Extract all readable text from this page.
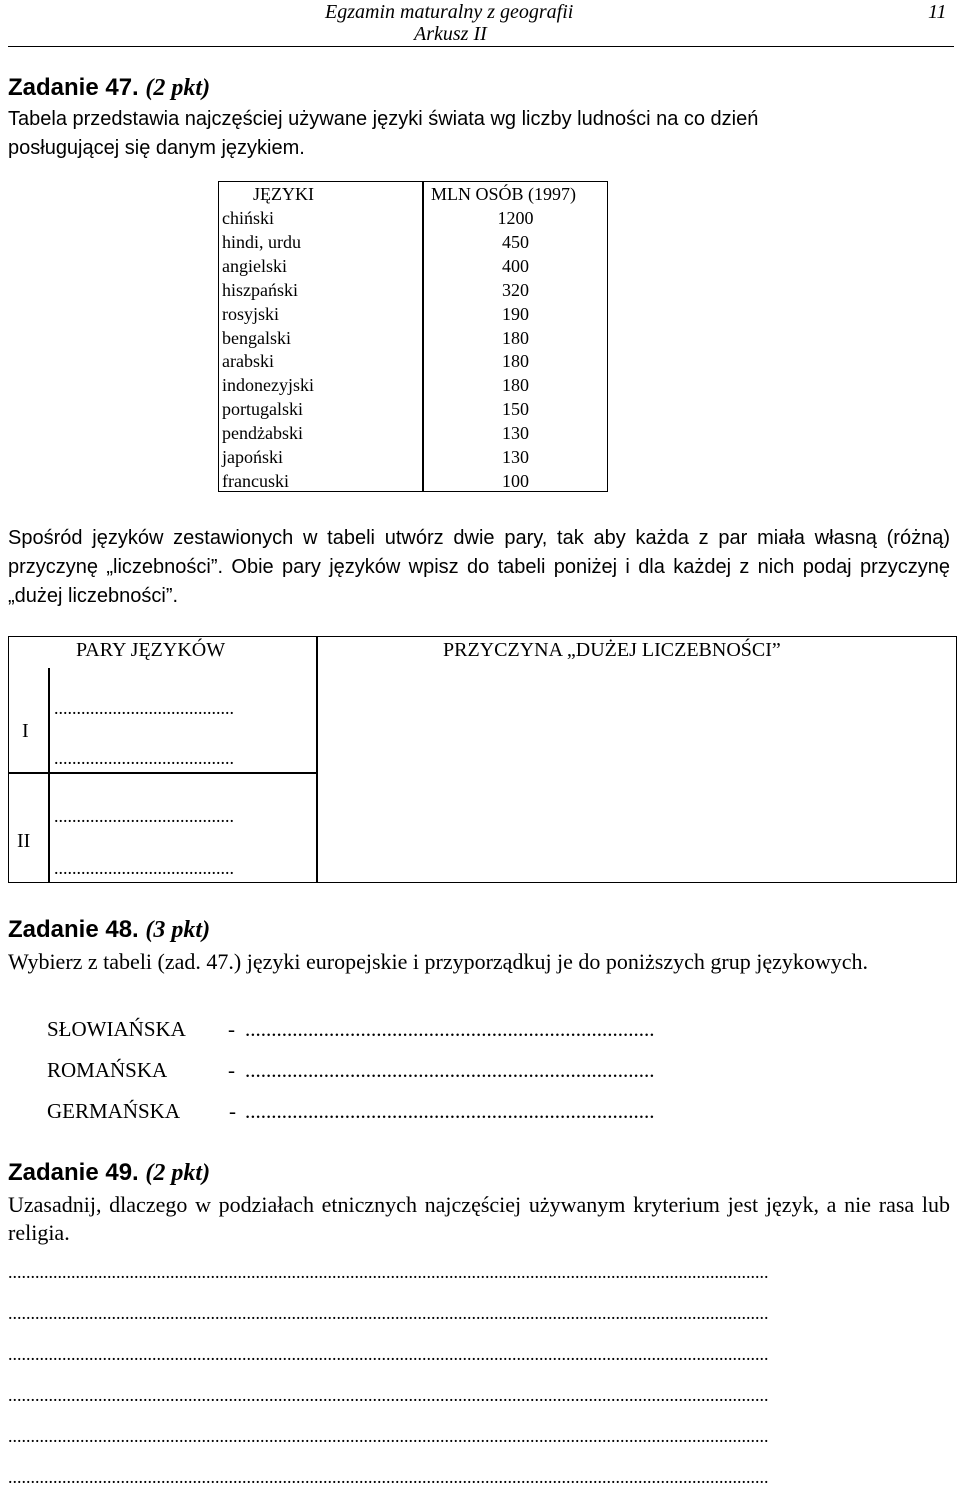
Egzamin maturalny z geografii
Arkusz II
11
Zadanie 47. (2 pkt)
Tabela przedstawia najczęściej używane języki świata wg liczby ludności na co dzień
posługującej się danym językiem.
JĘZYKI	MLN OSÓB (1997)
chiński	1200
hindi, urdu	450
angielski	400
hiszpański	320
rosyjski	190
bengalski	180
arabski	180
indonezyjski	180
portugalski	150
pendżabski	130
japoński	130
francuski	100
Spośród języków zestawionych w tabeli utwórz dwie pary, tak aby każda z par miała własną (różną) przyczynę „liczebności”. Obie pary języków wpisz do tabeli poniżej i dla każdej z nich podaj przyczynę „dużej liczebności”.
PARY JĘZYKÓW	PRZYCZYNA „DUŻEJ LICZEBNOŚCI”
I
........................................
........................................
II
........................................
........................................
Zadanie 48. (3 pkt)
Wybierz z tabeli (zad. 47.) języki europejskie i przyporządkuj je do poniższych grup językowych.
SŁOWIAŃSKA - ..............................................................................
ROMAŃSKA	- ..............................................................................
GERMAŃSKA - ..............................................................................
Zadanie 49. (2 pkt)
Uzasadnij, dlaczego w podziałach etnicznych najczęściej używanym kryterium jest język, a nie rasa lub religia.
.........................................................................................................................................................................
.........................................................................................................................................................................
.........................................................................................................................................................................
.........................................................................................................................................................................
.........................................................................................................................................................................
.........................................................................................................................................................................
